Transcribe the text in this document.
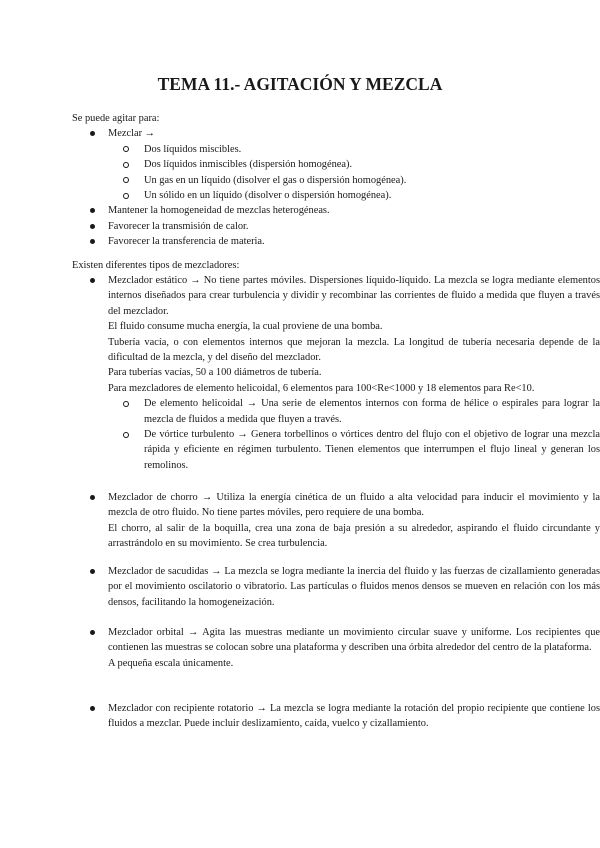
TEMA 11.- AGITACIÓN Y MEZCLA

Se puede agitar para:

Mezclar →

Dos líquidos miscibles.

Dos líquidos inmiscibles (dispersión homogénea).

Un gas en un líquido (disolver el gas o dispersión homogénea).

Un sólido en un líquido (disolver o dispersión homogénea).

Mantener la homogeneidad de mezclas heterogéneas.

Favorecer la transmisión de calor.

Favorecer la transferencia de materia.

Existen diferentes tipos de mezcladores:

Mezclador estático → No tiene partes móviles. Dispersiones líquido-líquido. La mezcla se logra mediante elementos internos diseñados para crear turbulencia y dividir y recombinar las corrientes de fluido a medida que fluyen a través del mezclador.

El fluido consume mucha energía, la cual proviene de una bomba.

Tubería vacía, o con elementos internos que mejoran la mezcla. La longitud de tubería necesaria depende de la dificultad de la mezcla, y del diseño del mezclador.

Para tuberías vacías, 50 a 100 diámetros de tubería.

Para mezcladores de elemento helicoidal, 6 elementos para 100<Re<1000 y 18 elementos para Re<10.

De elemento helicoidal → Una serie de elementos internos con forma de hélice o espirales para lograr la mezcla de fluidos a medida que fluyen a través.

De vórtice turbulento → Genera torbellinos o vórtices dentro del flujo con el objetivo de lograr una mezcla rápida y eficiente en régimen turbulento. Tienen elementos que interrumpen el flujo lineal y generan los remolinos.

Mezclador de chorro → Utiliza la energía cinética de un fluido a alta velocidad para inducir el movimiento y la mezcla de otro fluido. No tiene partes móviles, pero requiere de una bomba.

El chorro, al salir de la boquilla, crea una zona de baja presión a su alrededor, aspirando el fluido circundante y arrastrándolo en su movimiento. Se crea turbulencia.

Mezclador de sacudidas → La mezcla se logra mediante la inercia del fluido y las fuerzas de cizallamiento generadas por el movimiento oscilatorio o vibratorio. Las partículas o fluidos menos densos se mueven en relación con los más densos, facilitando la homogeneización.

Mezclador orbital → Agita las muestras mediante un movimiento circular suave y uniforme. Los recipientes que contienen las muestras se colocan sobre una plataforma y describen una órbita alrededor del centro de la plataforma.

A pequeña escala únicamente.

Mezclador con recipiente rotatorio → La mezcla se logra mediante la rotación del propio recipiente que contiene los fluidos a mezclar. Puede incluir deslizamiento, caída, vuelco y cizallamiento.
